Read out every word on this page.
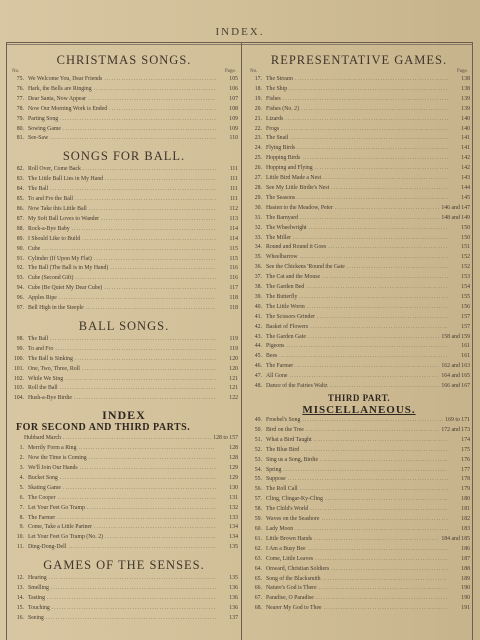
INDEX.
CHRISTMAS SONGS.
No.	Page.
75. We Welcome You, Dear Friends .....	105
76. Hark, the Bells are Ringing .....	106
77. Dear Santa, Now Appear .....	107
78. Now Our Morning Work is Ended .....	108
79. Parting Song .....	109
80. Sowing Game .....	109
81. See-Saw .....	110
SONGS FOR BALL.
82. Roll Over, Come Back .....	111
83. The Little Ball Lies in My Hand .....	111
84. The Ball .....	111
85. To and Fro the Ball .....	111
86. Now Take this Little Ball .....	112
87. My Soft Ball Loves to Wander .....	113
88. Rock-a-Bye Baby .....	114
89. I Should Like to Build .....	114
90. Cube .....	115
91. Cylinder (If Upon My Flat) .....	115
92. The Ball (The Ball is in My Hand) .....	116
93. Cube (Second Gift) .....	116
94. Cube (Be Quiet My Dear Cube) .....	117
96. Apples Ripe .....	118
97. Bell High in the Steeple .....	118
BALL SONGS.
98. The Ball .....	119
99. To and Fro .....	119
100. The Ball is Sinking .....	120
101. One, Two, Three, Roll .....	120
102. While We Sing .....	121
103. Roll the Ball .....	121
104. Hush-a-Bye Birdie .....	122
INDEX
FOR SECOND AND THIRD PARTS.
Hubbard March .....	128 to 157
1. Merrily Form a Ring .....	128
2. Now the Time is Coming .....	128
3. We'll Join Our Hands .....	129
4. Bucket Song .....	129
5. Skating Game .....	130
6. The Cooper .....	131
7. Let Your Feet Go Tramp .....	132
8. The Farmer .....	133
9. Come, Take a Little Partner .....	134
10. Let Your Feet Go Tramp (No. 2) .....	134
11. Ding-Dong-Dell .....	135
GAMES OF THE SENSES.
12. Hearing .....	135
13. Smelling .....	136
14. Tasting .....	136
15. Touching .....	136
16. Seeing .....	137
REPRESENTATIVE GAMES.
No.	Page.
17. The Stream .....	138
18. The Ship .....	138
19. Fishes .....	139
20. Fishes (No. 2) .....	139
21. Lizards .....	140
22. Frogs .....	140
23. The Snail .....	141
24. Flying Birds .....	141
25. Hopping Birds .....	142
26. Hopping and Flying .....	142
27. Little Bird Made a Nest .....	143
28. See My Little Birdie's Nest .....	144
29. The Seasons .....	145
30. Hasten to the Meadow, Peter .....	146 and 147
31. The Barnyard .....	148 and 149
32. The Wheelwright .....	150
33. The Miller .....	150
34. Round and Round it Goes .....	151
35. Wheelbarrow .....	152
36. See the Chickens 'Round the Gate .....	152
37. The Cat and the Mouse .....	153
38. The Garden Bed .....	154
39. The Butterfly .....	155
40. The Little Worm .....	156
41. The Scissors Grinder .....	157
42. Basket of Flowers .....	157
43. The Garden Gate .....	158 and 159
44. Pigeons .....	161
45. Bees .....	161
46. The Farmer .....	162 and 163
47. All Gone .....	164 and 165
48. Dance of the Fairies Waltz .....	166 and 167
THIRD PART.
MISCELLANEOUS.
49. Froebel's Song .....	169 to 171
50. Bird on the Tree .....	172 and 173
51. What a Bird Taught .....	174
52. The Blue Bird .....	175
53. Sing us a Song, Birdie .....	176
54. Spring .....	177
55. Suppose .....	178
56. The Roll Call .....	179
57. Cling, Clingar-Ky-Cling .....	180
58. The Child's World .....	181
59. Waves on the Seashore .....	182
60. Lady Moon .....	183
61. Little Brown Hands .....	184 and 185
62. I Am a Busy Bee .....	186
63. Come, Little Leaves .....	187
64. Onward, Christian Soldiers .....	188
65. Song of the Blacksmith .....	189
66. Nature's God is There .....	190
67. Paradise, O Paradise .....	190
68. Nearer My God to Thee .....	191
